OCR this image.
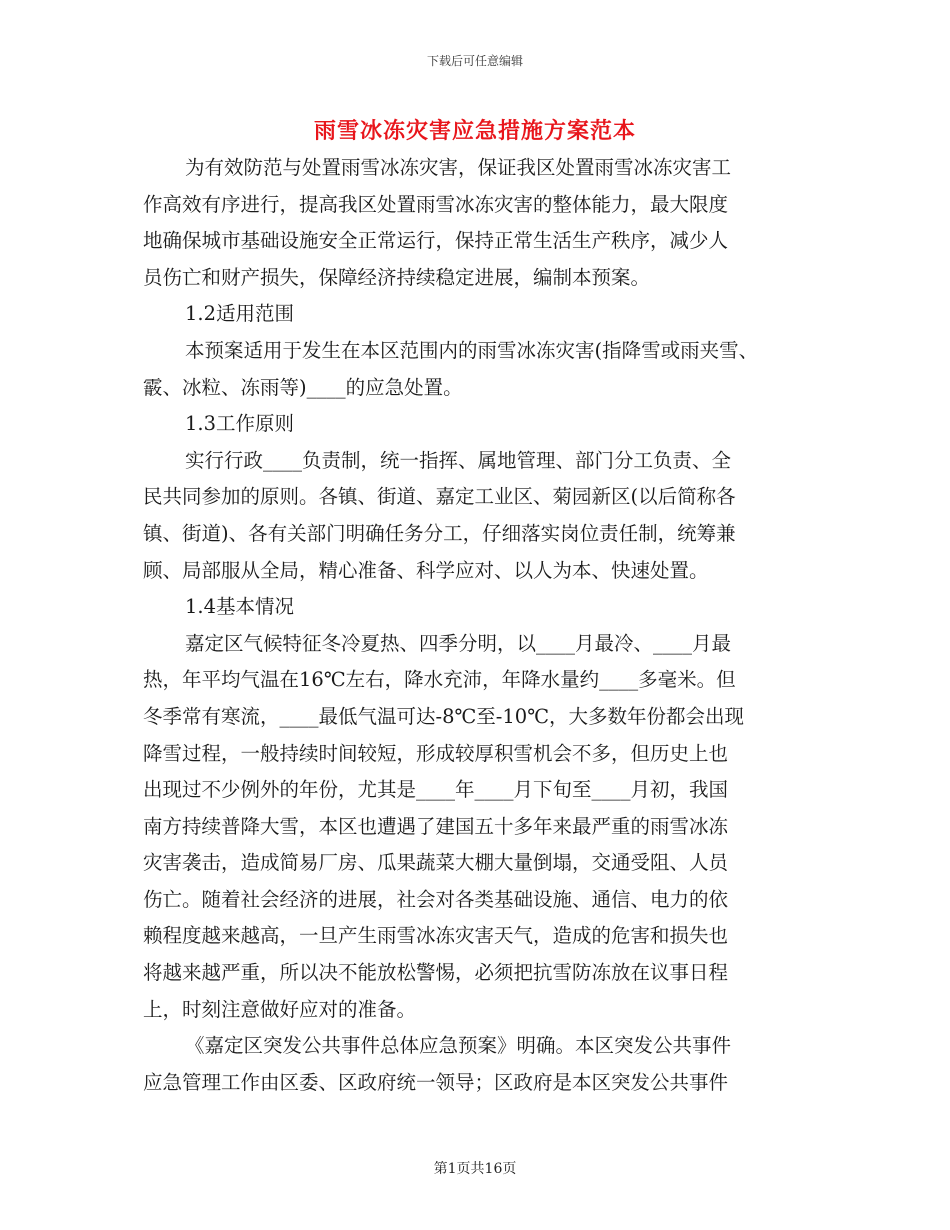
下载后可任意编辑
雨雪冰冻灾害应急措施方案范本
为有效防范与处置雨雪冰冻灾害，保证我区处置雨雪冰冻灾害工
作高效有序进行，提高我区处置雨雪冰冻灾害的整体能力，最大限度
地确保城市基础设施安全正常运行，保持正常生活生产秩序，减少人
员伤亡和财产损失，保障经济持续稳定进展，编制本预案。
1.2适用范围
本预案适用于发生在本区范围内的雨雪冰冻灾害(指降雪或雨夹雪、
霰、冰粒、冻雨等)____的应急处置。
1.3工作原则
实行行政____负责制，统一指挥、属地管理、部门分工负责、全
民共同参加的原则。各镇、街道、嘉定工业区、菊园新区(以后简称各
镇、街道)、各有关部门明确任务分工，仔细落实岗位责任制，统筹兼
顾、局部服从全局，精心准备、科学应对、以人为本、快速处置。
1.4基本情况
嘉定区气候特征冬冷夏热、四季分明，以____月最冷、____月最
热，年平均气温在16℃左右，降水充沛，年降水量约____多毫米。但
冬季常有寒流，____最低气温可达-8℃至-10℃，大多数年份都会出现
降雪过程，一般持续时间较短，形成较厚积雪机会不多，但历史上也
出现过不少例外的年份，尤其是____年____月下旬至____月初，我国
南方持续普降大雪，本区也遭遇了建国五十多年来最严重的雨雪冰冻
灾害袭击，造成简易厂房、瓜果蔬菜大棚大量倒塌，交通受阻、人员
伤亡。随着社会经济的进展，社会对各类基础设施、通信、电力的依
赖程度越来越高，一旦产生雨雪冰冻灾害天气，造成的危害和损失也
将越来越严重，所以决不能放松警惕，必须把抗雪防冻放在议事日程
上，时刻注意做好应对的准备。
《嘉定区突发公共事件总体应急预案》明确。本区突发公共事件
应急管理工作由区委、区政府统一领导；区政府是本区突发公共事件
第1页共16页
